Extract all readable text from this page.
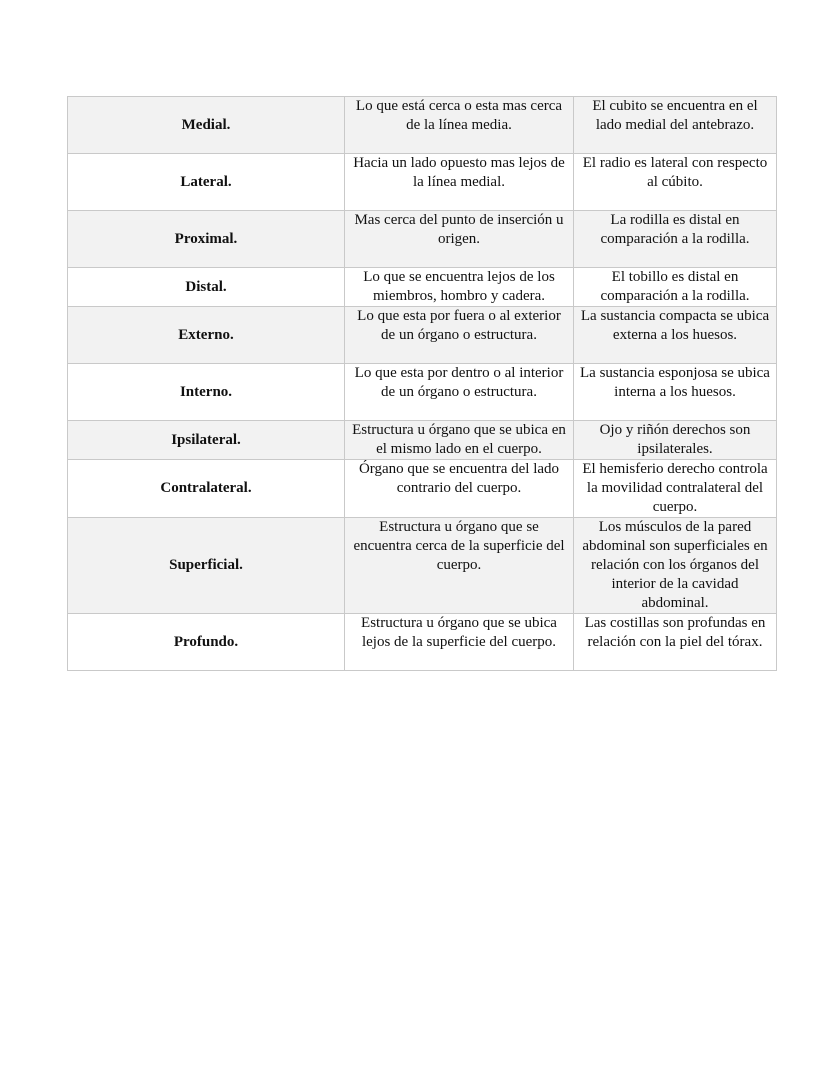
Medial.	Lo que está cerca o esta mas cerca de la línea media.	El cubito se encuentra en el lado medial del antebrazo.
Lateral.	Hacia un lado opuesto mas lejos de la línea medial.	El radio es lateral con respecto al cúbito.
Proximal.	Mas cerca del punto de inserción u origen.	La rodilla es distal en comparación a la rodilla.
Distal.	Lo que se encuentra lejos de los miembros, hombro y cadera.	El tobillo es distal en comparación a la rodilla.
Externo.	Lo que esta por fuera o al exterior de un órgano o estructura.	La sustancia compacta se ubica externa a los huesos.
Interno.	Lo que esta por dentro o al interior de un órgano o estructura.	La sustancia esponjosa se ubica interna a los huesos.
Ipsilateral.	Estructura u órgano que se ubica en el mismo lado en el cuerpo.	Ojo y riñón derechos son ipsilaterales.
Contralateral.	Órgano que se encuentra del lado contrario del cuerpo.	El hemisferio derecho controla la movilidad contralateral del cuerpo.
Superficial.	Estructura u órgano que se encuentra cerca de la superficie del cuerpo.	Los músculos de la pared abdominal son superficiales en relación con los órganos del interior de la cavidad abdominal.
Profundo.	Estructura u órgano que se ubica lejos de la superficie del cuerpo.	Las costillas son profundas en relación con la piel del tórax.
